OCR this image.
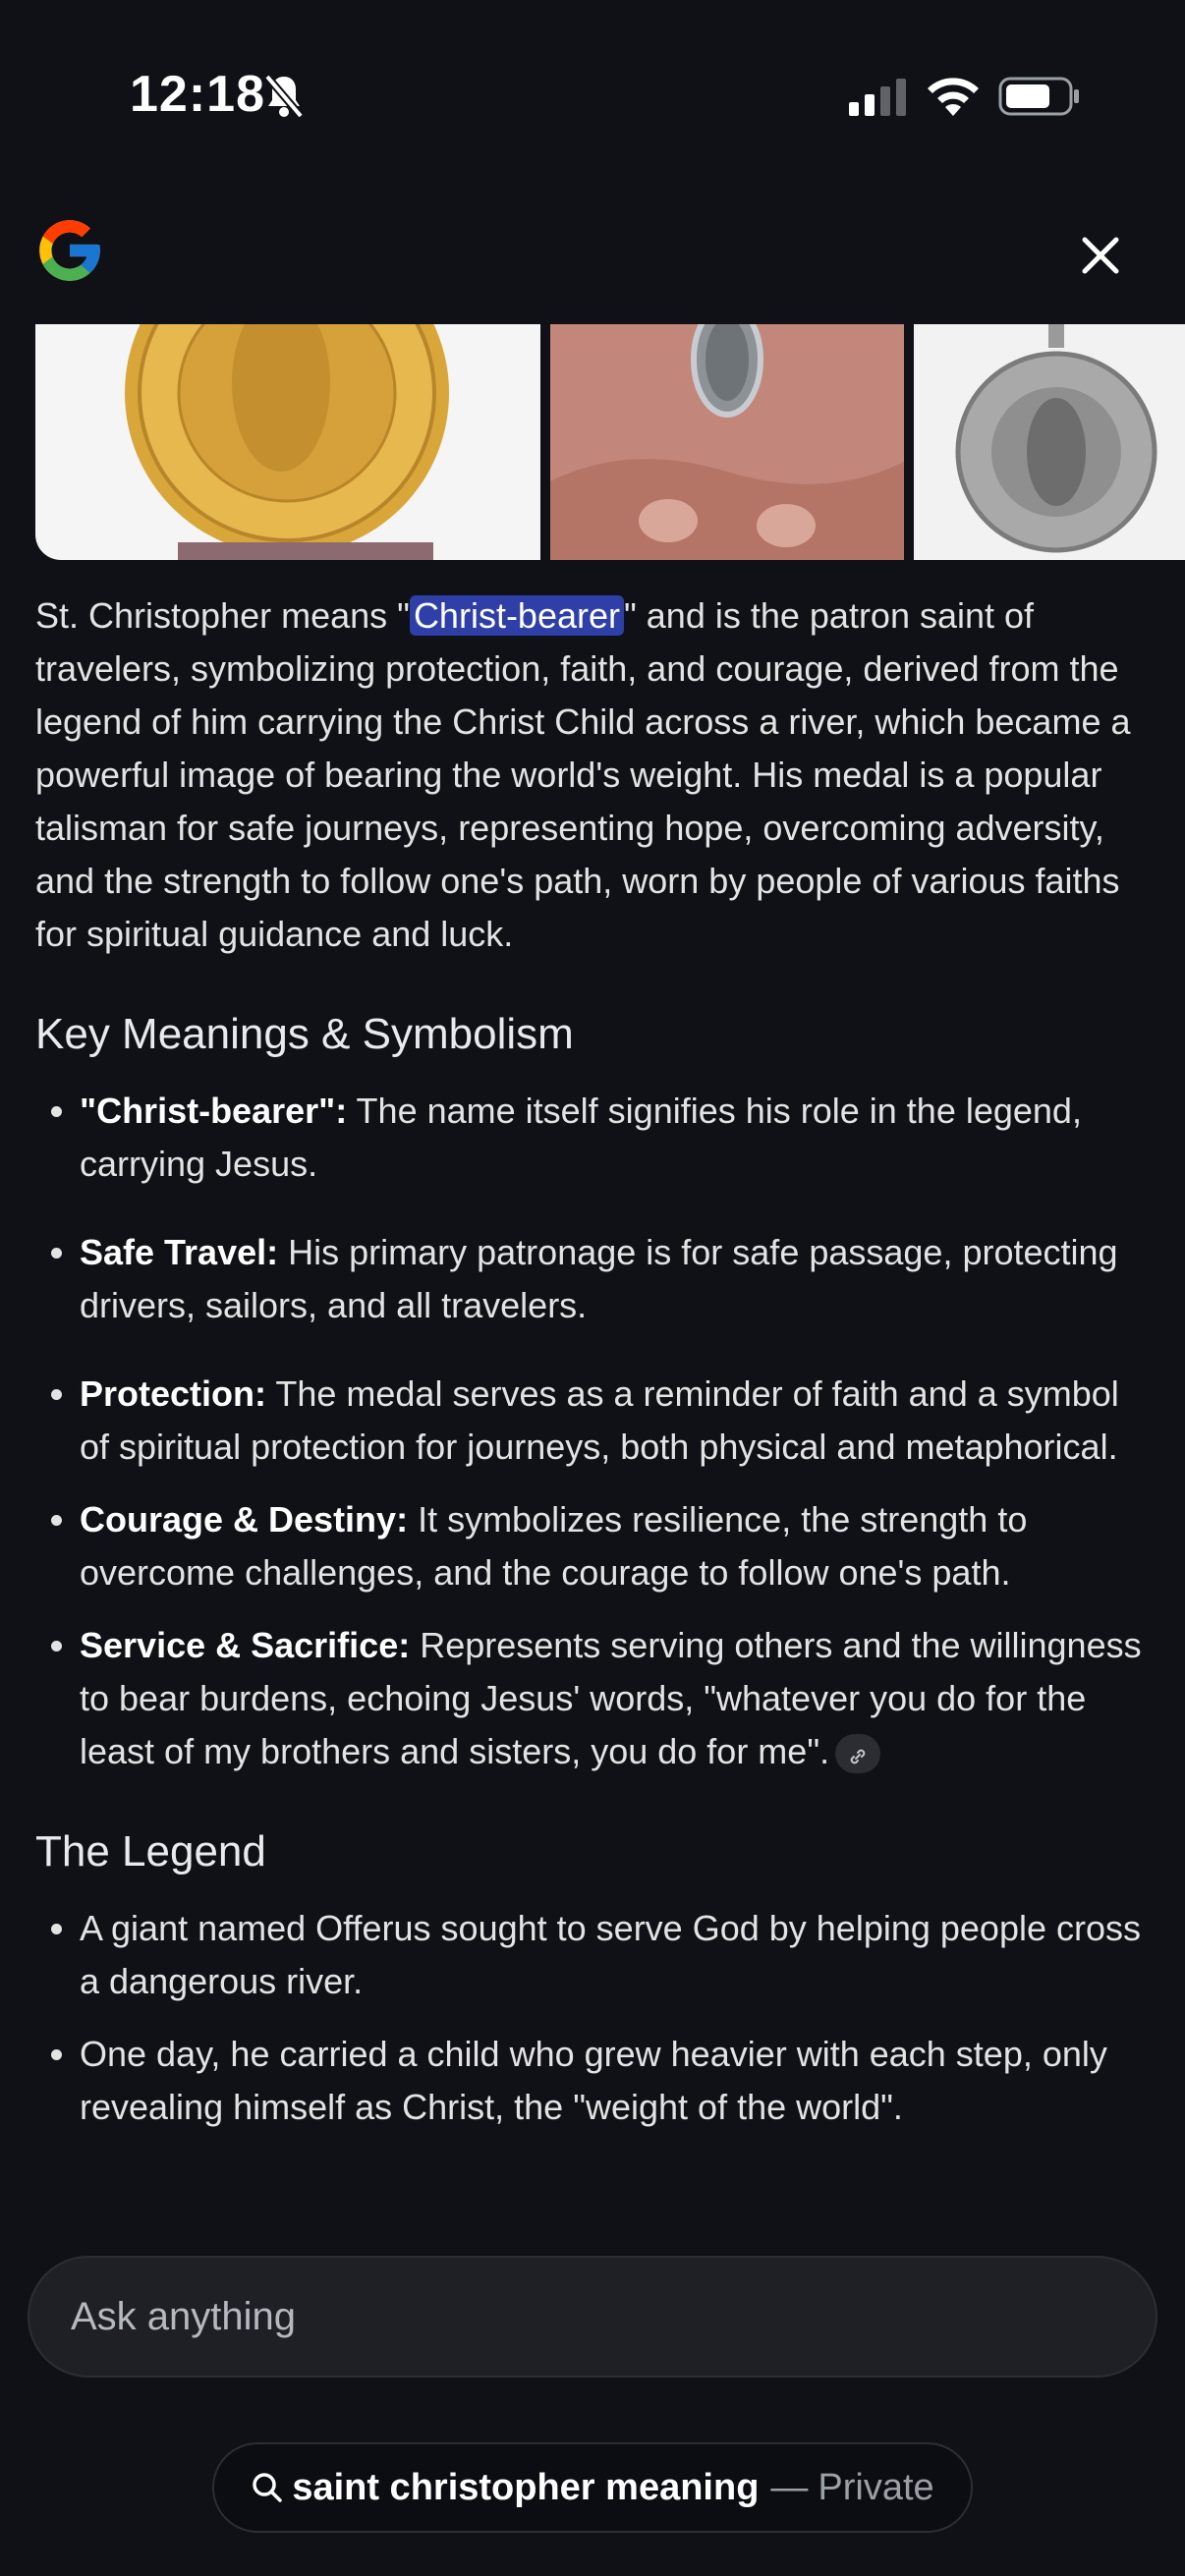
12:18

St. Christopher means " Christ-bearer " and is the patron saint of travelers, symbolizing protection, faith, and courage, derived from the legend of him carrying the Christ Child across a river, which became a powerful image of bearing the world's weight. His medal is a popular talisman for safe journeys, representing hope, overcoming adversity, and the strength to follow one's path, worn by people of various faiths for spiritual guidance and luck.

Key Meanings & Symbolism
• "Christ-bearer": The name itself signifies his role in the legend, carrying Jesus.
• Safe Travel: His primary patronage is for safe passage, protecting drivers, sailors, and all travelers.
• Protection: The medal serves as a reminder of faith and a symbol of spiritual protection for journeys, both physical and metaphorical.
• Courage & Destiny: It symbolizes resilience, the strength to overcome challenges, and the courage to follow one's path.
• Service & Sacrifice: Represents serving others and the willingness to bear burdens, echoing Jesus' words, "whatever you do for the least of my brothers and sisters, you do for me".
The Legend
• A giant named Offerus sought to serve God by helping people cross a dangerous river.
• One day, he carried a child who grew heavier with each step, only revealing himself as Christ, the "weight of the world".
Ask anything
saint christopher meaning — Private
